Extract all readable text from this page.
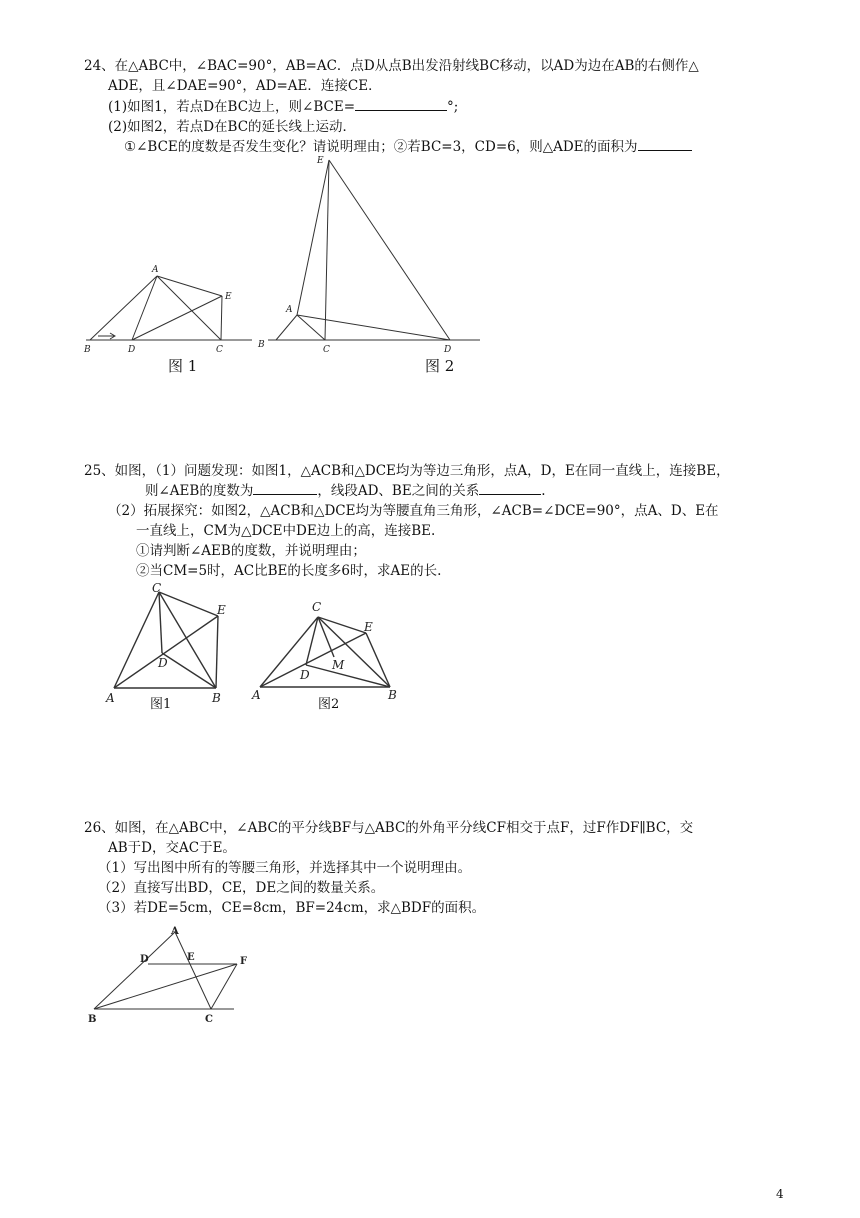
24、在△ABC中，∠BAC=90°，AB=AC．点D从点B出发沿射线BC移动，以AD为边在AB的右侧作△
ADE，且∠DAE=90°，AD=AE．连接CE．
(1)如图1，若点D在BC边上，则∠BCE=	°;
(2)如图2，若点D在BC的延长线上运动．
①∠BCE的度数是否发生变化？请说明理由；②若BC=3，CD=6，则△ADE的面积为
A
E
B	D	C
图 1
E
A
B	C	D
图 2
25、如图，（1）问题发现：如图1，△ACB和△DCE均为等边三角形，点A，D，E在同一直线上，连接BE，
则∠AEB的度数为	，线段AD、BE之间的关系	.
（2）拓展探究：如图2，△ACB和△DCE均为等腰直角三角形，∠ACB=∠DCE=90°，点A、D、E在
一直线上，CM为△DCE中DE边上的高，连接BE.
①请判断∠AEB的度数，并说明理由；
②当CM=5时，AC比BE的长度多6时，求AE的长.
C
E
D
A	B
图1
C
E
M
D
A	B
图2
26、如图，在△ABC中，∠ABC的平分线BF与△ABC的外角平分线CF相交于点F，过F作DF∥BC，交
AB于D，交AC于E。
（1）写出图中所有的等腰三角形，并选择其中一个说明理由。
（2）直接写出BD，CE，DE之间的数量关系。
（3）若DE=5cm，CE=8cm，BF=24cm，求△BDF的面积。
A
D	E	F
B	C
4
